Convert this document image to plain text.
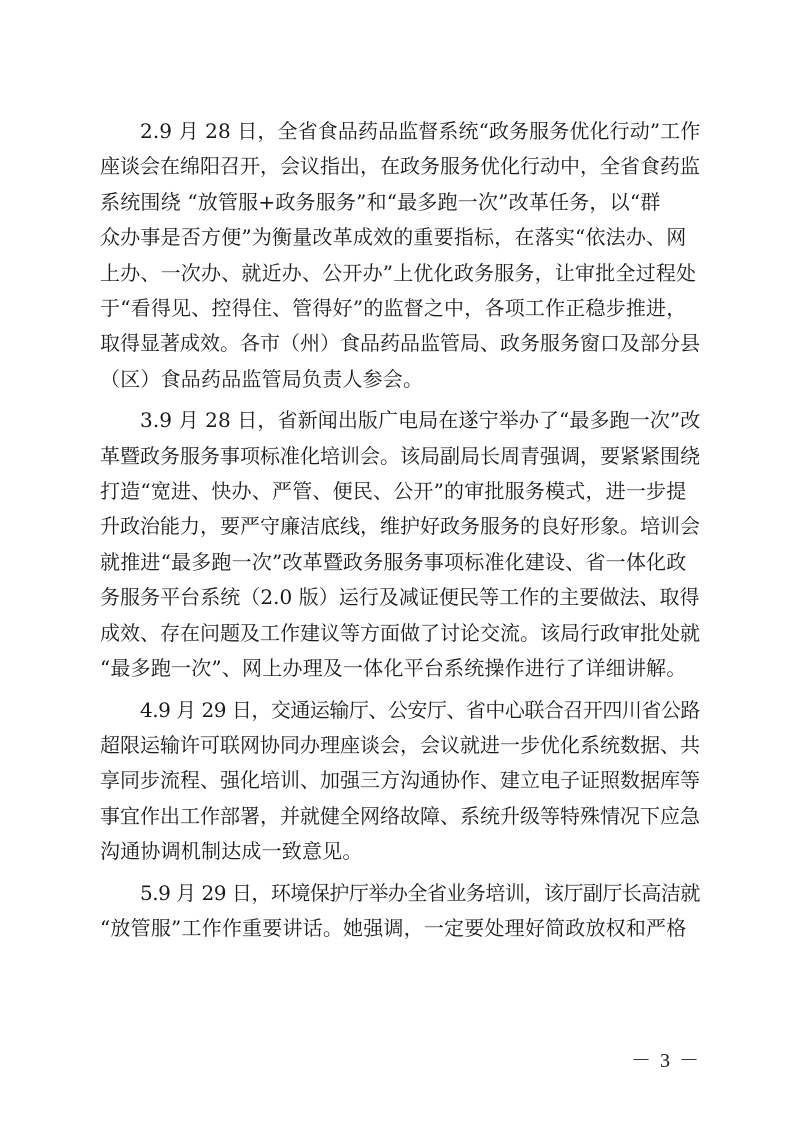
2.9 月 28 日，全省食品药品监督系统“政务服务优化行动”工作
座谈会在绵阳召开，会议指出，在政务服务优化行动中，全省食药监
系统围绕 “放管服+政务服务”和“最多跑一次”改革任务，以“群
众办事是否方便”为衡量改革成效的重要指标，在落实“依法办、网
上办、一次办、就近办、公开办”上优化政务服务，让审批全过程处
于“看得见、控得住、管得好”的监督之中，各项工作正稳步推进，
取得显著成效。各市（州）食品药品监管局、政务服务窗口及部分县
（区）食品药品监管局负责人参会。

3.9 月 28 日，省新闻出版广电局在遂宁举办了“最多跑一次”改
革暨政务服务事项标准化培训会。该局副局长周青强调，要紧紧围绕
打造“宽进、快办、严管、便民、公开”的审批服务模式，进一步提
升政治能力，要严守廉洁底线，维护好政务服务的良好形象。培训会
就推进“最多跑一次”改革暨政务服务事项标准化建设、省一体化政
务服务平台系统（2.0 版）运行及减证便民等工作的主要做法、取得
成效、存在问题及工作建议等方面做了讨论交流。该局行政审批处就
“最多跑一次”、网上办理及一体化平台系统操作进行了详细讲解。

4.9 月 29 日，交通运输厅、公安厅、省中心联合召开四川省公路
超限运输许可联网协同办理座谈会，会议就进一步优化系统数据、共
享同步流程、强化培训、加强三方沟通协作、建立电子证照数据库等
事宜作出工作部署，并就健全网络故障、系统升级等特殊情况下应急
沟通协调机制达成一致意见。

5.9 月 29 日，环境保护厅举办全省业务培训，该厅副厅长高洁就
“放管服”工作作重要讲话。她强调，一定要处理好简政放权和严格

－ 3 －
